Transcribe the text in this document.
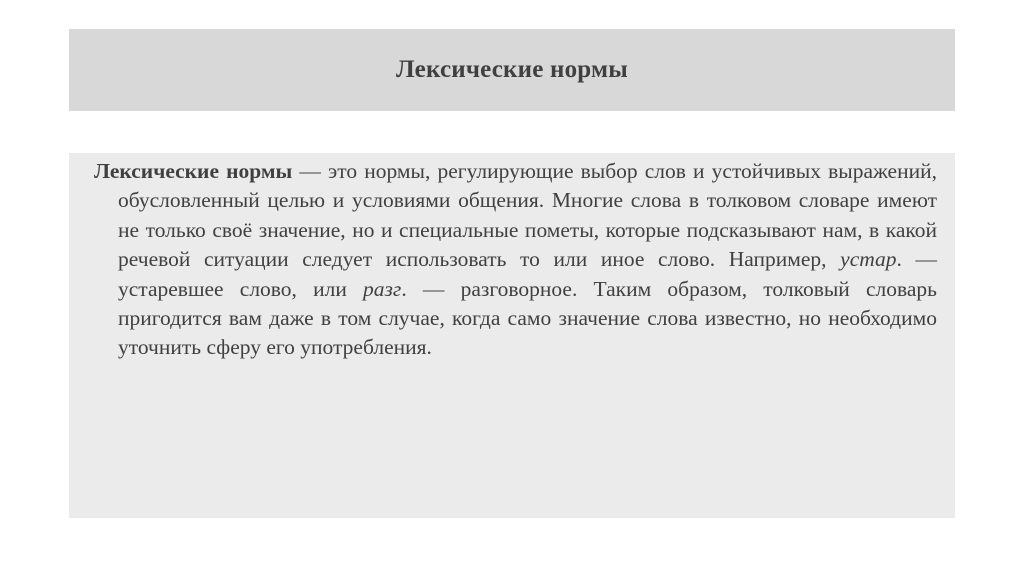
Лексические нормы

Лексические нормы — это нормы, регулирующие выбор слов и устойчивых выражений, обусловленный целью и условиями общения. Многие слова в толковом словаре имеют не только своё значение, но и специальные пометы, которые подсказывают нам, в какой речевой ситуации следует использовать то или иное слово. Например, устар. — устаревшее слово, или разг. — разговорное. Таким образом, толковый словарь пригодится вам даже в том случае, когда само значение слова известно, но необходимо уточнить сферу его употребления.
